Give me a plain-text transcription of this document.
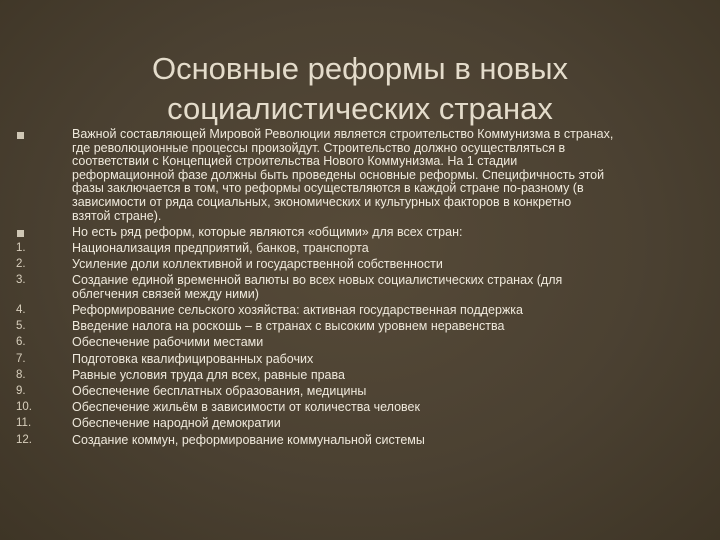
Основные реформы в новых
социалистических странах
Важной составляющей Мировой Революции является строительство Коммунизма в странах,
где революционные процессы произойдут. Строительство должно осуществляться в
соответствии с Концепцией строительства Нового Коммунизма. На 1 стадии
реформационной фазе должны быть проведены основные реформы. Специфичность этой
фазы заключается в том, что реформы осуществляются в каждой стране по-разному (в
зависимости от ряда социальных, экономических и культурных факторов в конкретно
взятой стране).
Но есть ряд реформ, которые являются «общими» для всех стран:
1.	Национализация предприятий, банков, транспорта
2.	Усиление доли коллективной и государственной собственности
3.	Создание единой временной валюты во всех новых социалистических странах (для
облегчения связей между ними)
4.	Реформирование сельского хозяйства: активная государственная поддержка
5.	Введение налога на роскошь – в странах с высоким уровнем неравенства
6.	Обеспечение рабочими местами
7.	Подготовка квалифицированных рабочих
8.	Равные условия труда для всех, равные права
9.	Обеспечение бесплатных образования, медицины
10.	Обеспечение жильём в зависимости от количества человек
11.	Обеспечение народной демократии
12.	Создание коммун, реформирование коммунальной системы
